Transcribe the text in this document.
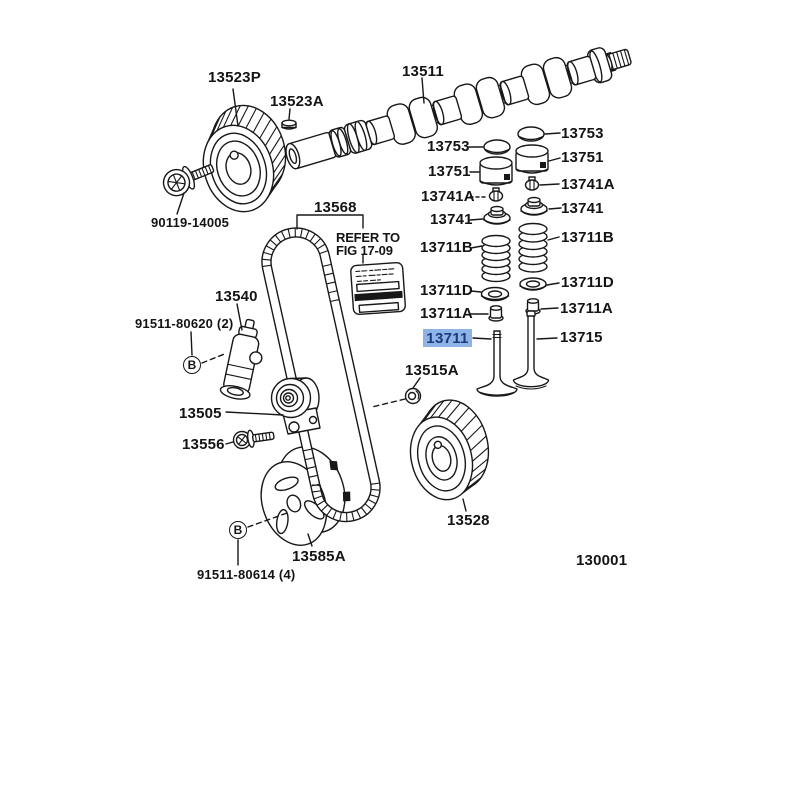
13511
13523P
13523A
90119-14005
13568
REFER TO
FIG 17-09
13540
91511-80620 (2)
B
13505
13556
13515A
13528
13585A
B
91511-80614 (4)
13753
13751
13741A
13741
13711B
13711D
13711A
13711
13753
13751
13741A
13741
13711B
13711D
13711A
13715
130001
